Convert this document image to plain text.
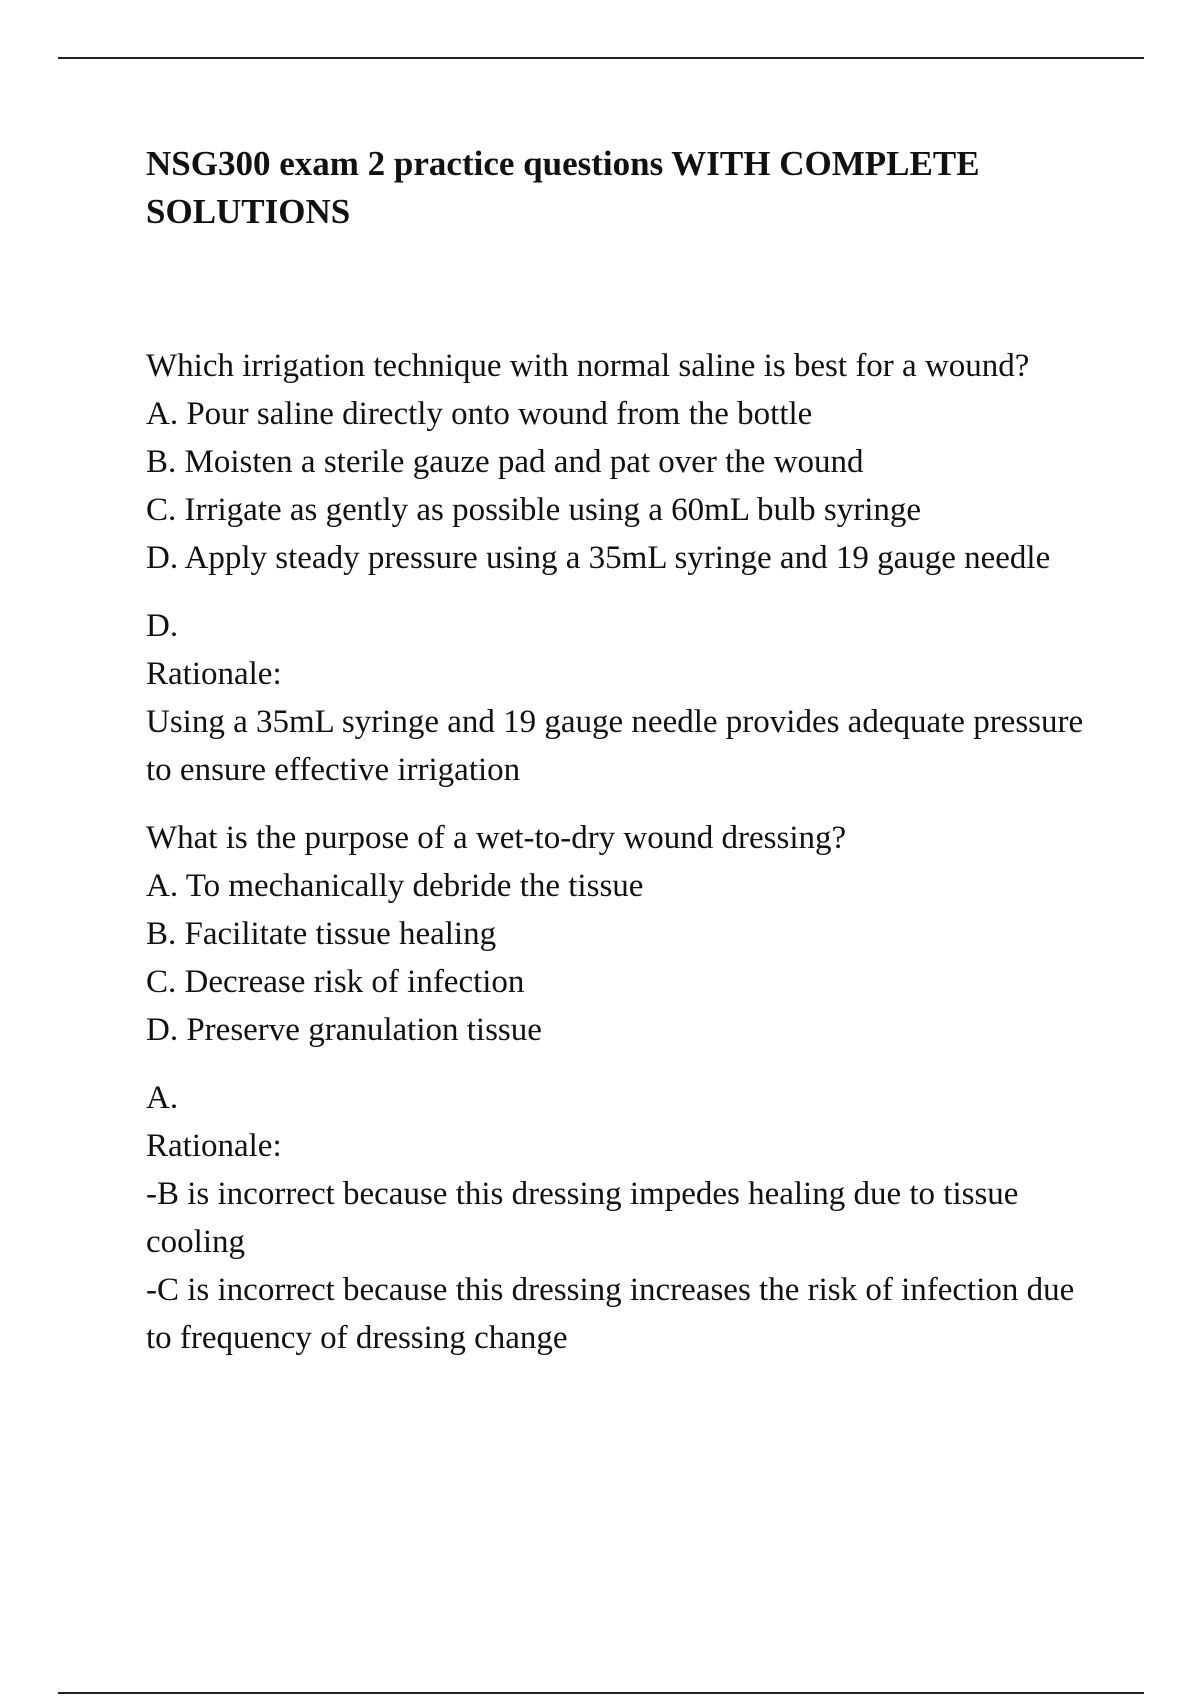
NSG300 exam 2 practice questions WITH COMPLETE SOLUTIONS

Which irrigation technique with normal saline is best for a wound?

A. Pour saline directly onto wound from the bottle

B. Moisten a sterile gauze pad and pat over the wound

C. Irrigate as gently as possible using a 60mL bulb syringe

D. Apply steady pressure using a 35mL syringe and 19 gauge needle

D.

Rationale:

Using a 35mL syringe and 19 gauge needle provides adequate pressure to ensure effective irrigation

What is the purpose of a wet-to-dry wound dressing?

A. To mechanically debride the tissue

B. Facilitate tissue healing

C. Decrease risk of infection

D. Preserve granulation tissue

A.

Rationale:

-B is incorrect because this dressing impedes healing due to tissue cooling

-C is incorrect because this dressing increases the risk of infection due to frequency of dressing change
